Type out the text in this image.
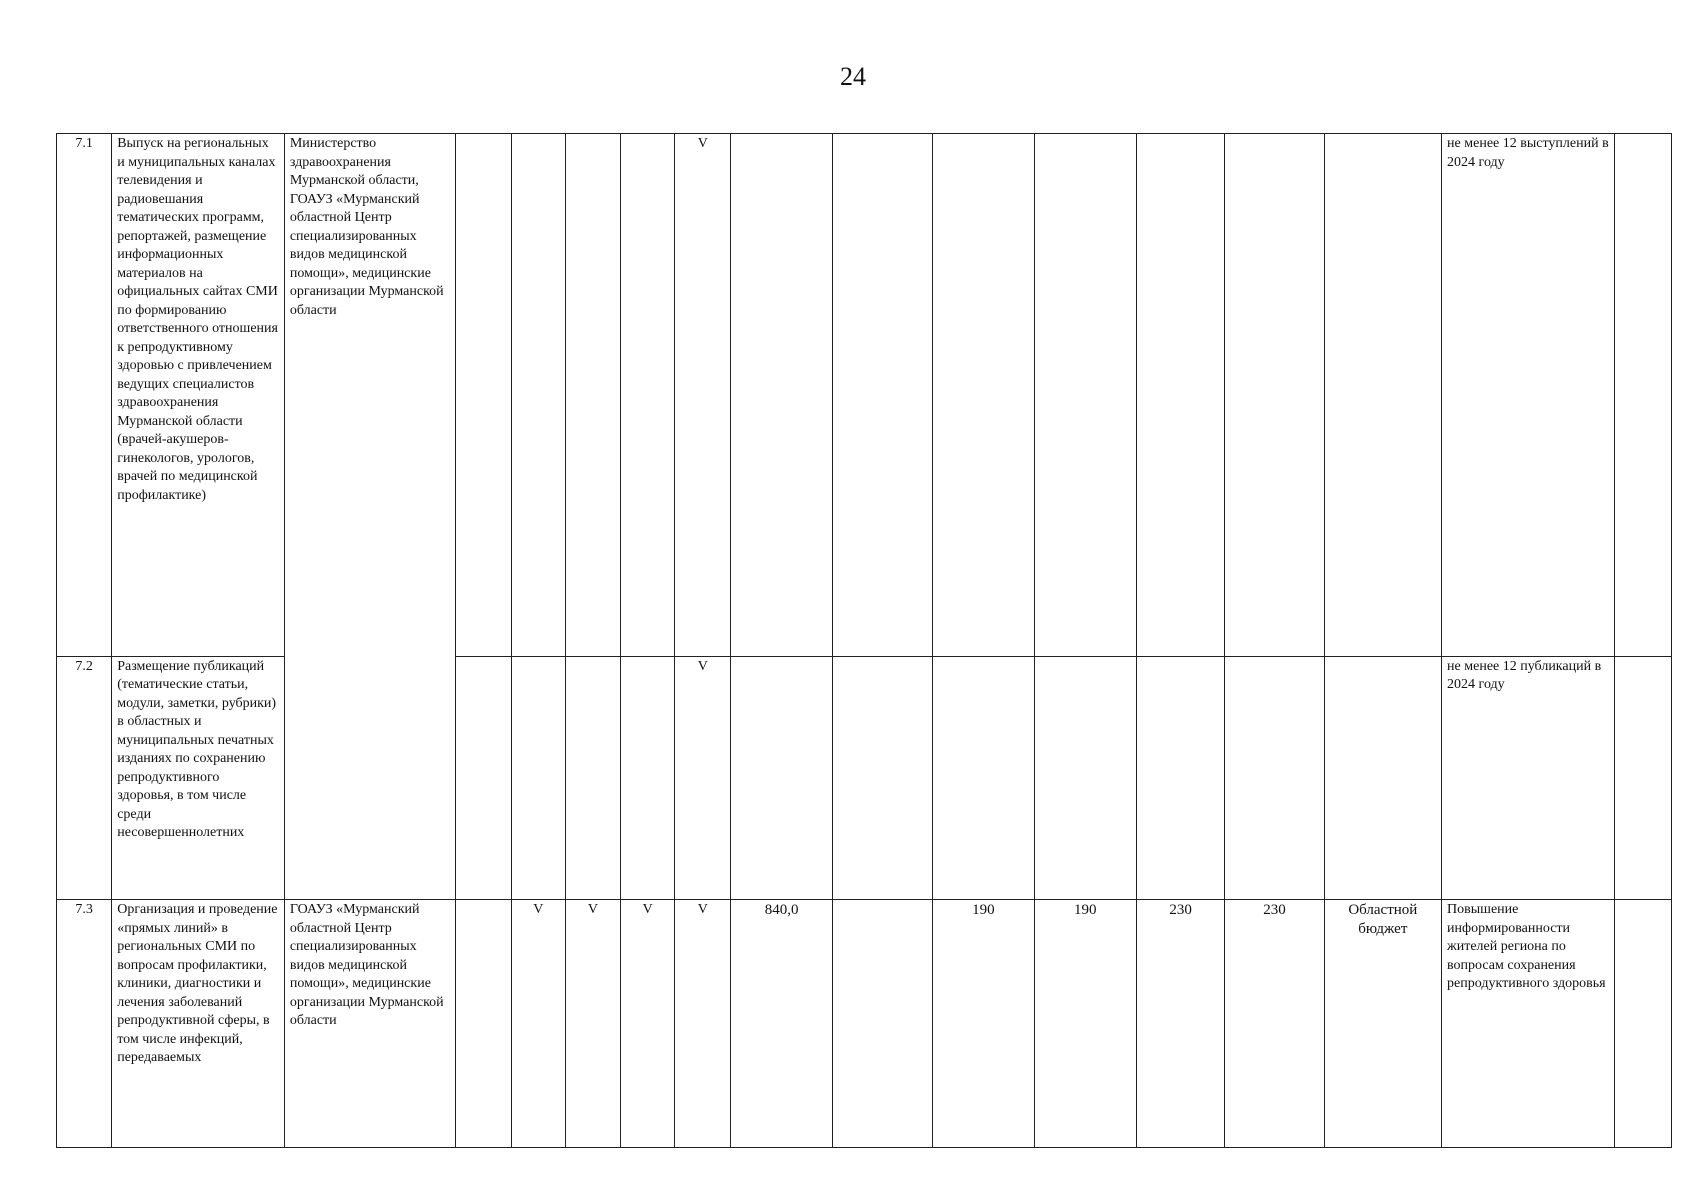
24
7.1	Выпуск на региональных и муниципальных каналах телевидения и радиовешания тематических программ, репортажей, размещение информационных материалов на официальных сайтах СМИ по формированию ответственного отношения к репродуктивному здоровью с привлечением ведущих специалистов здравоохранения Мурманской области (врачей-акушеров-гинекологов, урологов, врачей по медицинской профилактике)	Министерство здравоохранения Мурманской области, ГОАУЗ «Мурманский областной Центр специализированных видов медицинской помощи», медицинские организации Мурманской области					V								не менее 12 выступлений в 2024 году	

7.2	Размещение публикаций (тематические статьи, модули, заметки, рубрики) в областных и муниципальных печатных изданиях по сохранению репродуктивного здоровья, в том числе среди несовершеннолетних						V								не менее 12 публикаций в 2024 году	

7.3	Организация и проведение «прямых линий» в региональных СМИ по вопросам профилактики, клиники, диагностики и лечения заболеваний репродуктивной сферы, в том числе инфекций, передаваемых	ГОАУЗ «Мурманский областной Центр специализированных видов медицинской помощи», медицинские организации Мурманской области		V	V	V	V	840,0		190	190	230	230	Областной бюджет	Повышение информированности жителей региона по вопросам сохранения репродуктивного здоровья	
